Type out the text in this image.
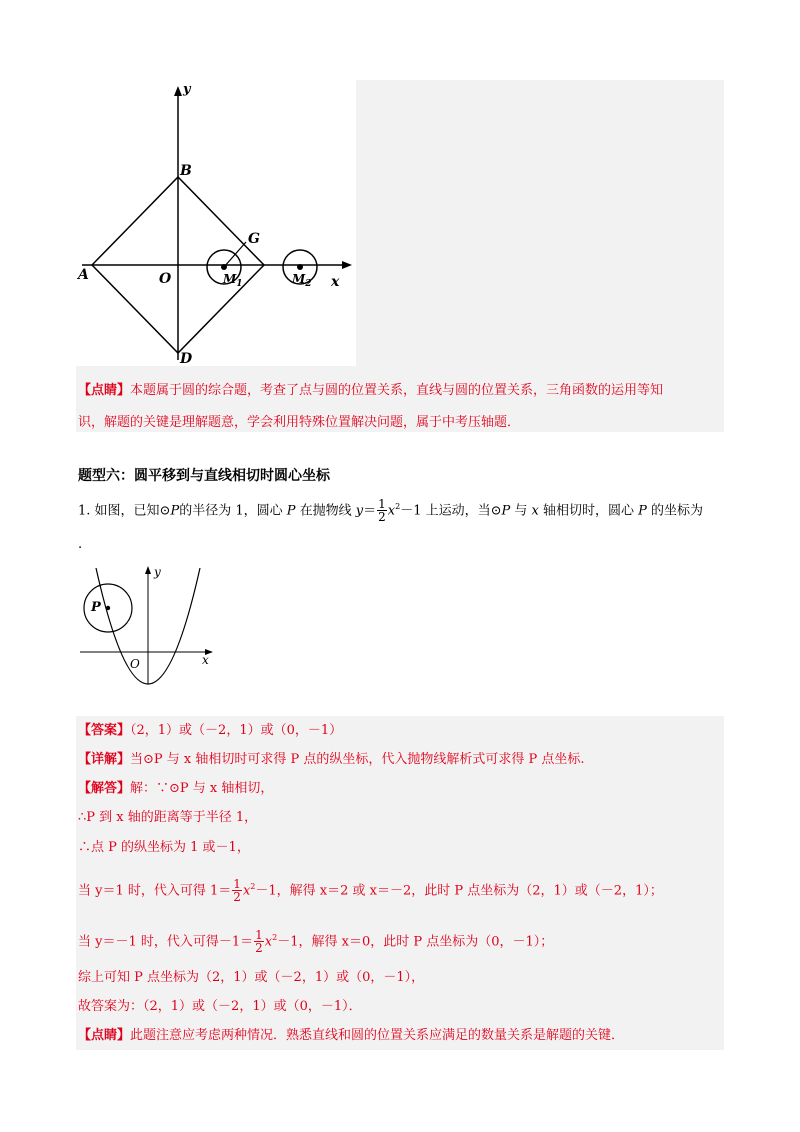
y
x
B
G
A	O	$M_1$	$M_2$
D
【点睛】本题属于圆的综合题，考查了点与圆的位置关系，直线与圆的位置关系，三角函数的运用等知
识，解题的关键是理解题意，学会利用特殊位置解决问题，属于中考压轴题．
题型六：圆平移到与直线相切时圆心坐标
1. 如图，已知⊙P的半径为 1，圆心 P 在抛物线 $y= \frac{1}{2} x^2-1$ 上运动，当⊙P 与 x 轴相切时，圆心 P 的坐标为
.
y
P
O	x
【答案】（2，1）或（－2，1）或（0，－1）
【详解】当⊙P 与 x 轴相切时可求得 P 点的纵坐标，代入抛物线解析式可求得 P 点坐标.
【解答】解：∵⊙P 与 x 轴相切，
∴P 到 x 轴的距离等于半径 1，
∴点 P 的纵坐标为 1 或－1，
当 y＝1 时，代入可得 $1= \frac{1}{2} x^2-1$，解得 x＝2 或 x＝－2，此时 P 点坐标为（2，1）或（－2，1）；
当 y＝－1 时，代入可得$-1= \frac{1}{2} x^2-1$，解得 x＝0，此时 P 点坐标为（0，－1）；
综上可知 P 点坐标为（2，1）或（－2，1）或（0，－1），
故答案为：（2，1）或（－2，1）或（0，－1）．
【点睛】此题注意应考虑两种情况．熟悉直线和圆的位置关系应满足的数量关系是解题的关键．
